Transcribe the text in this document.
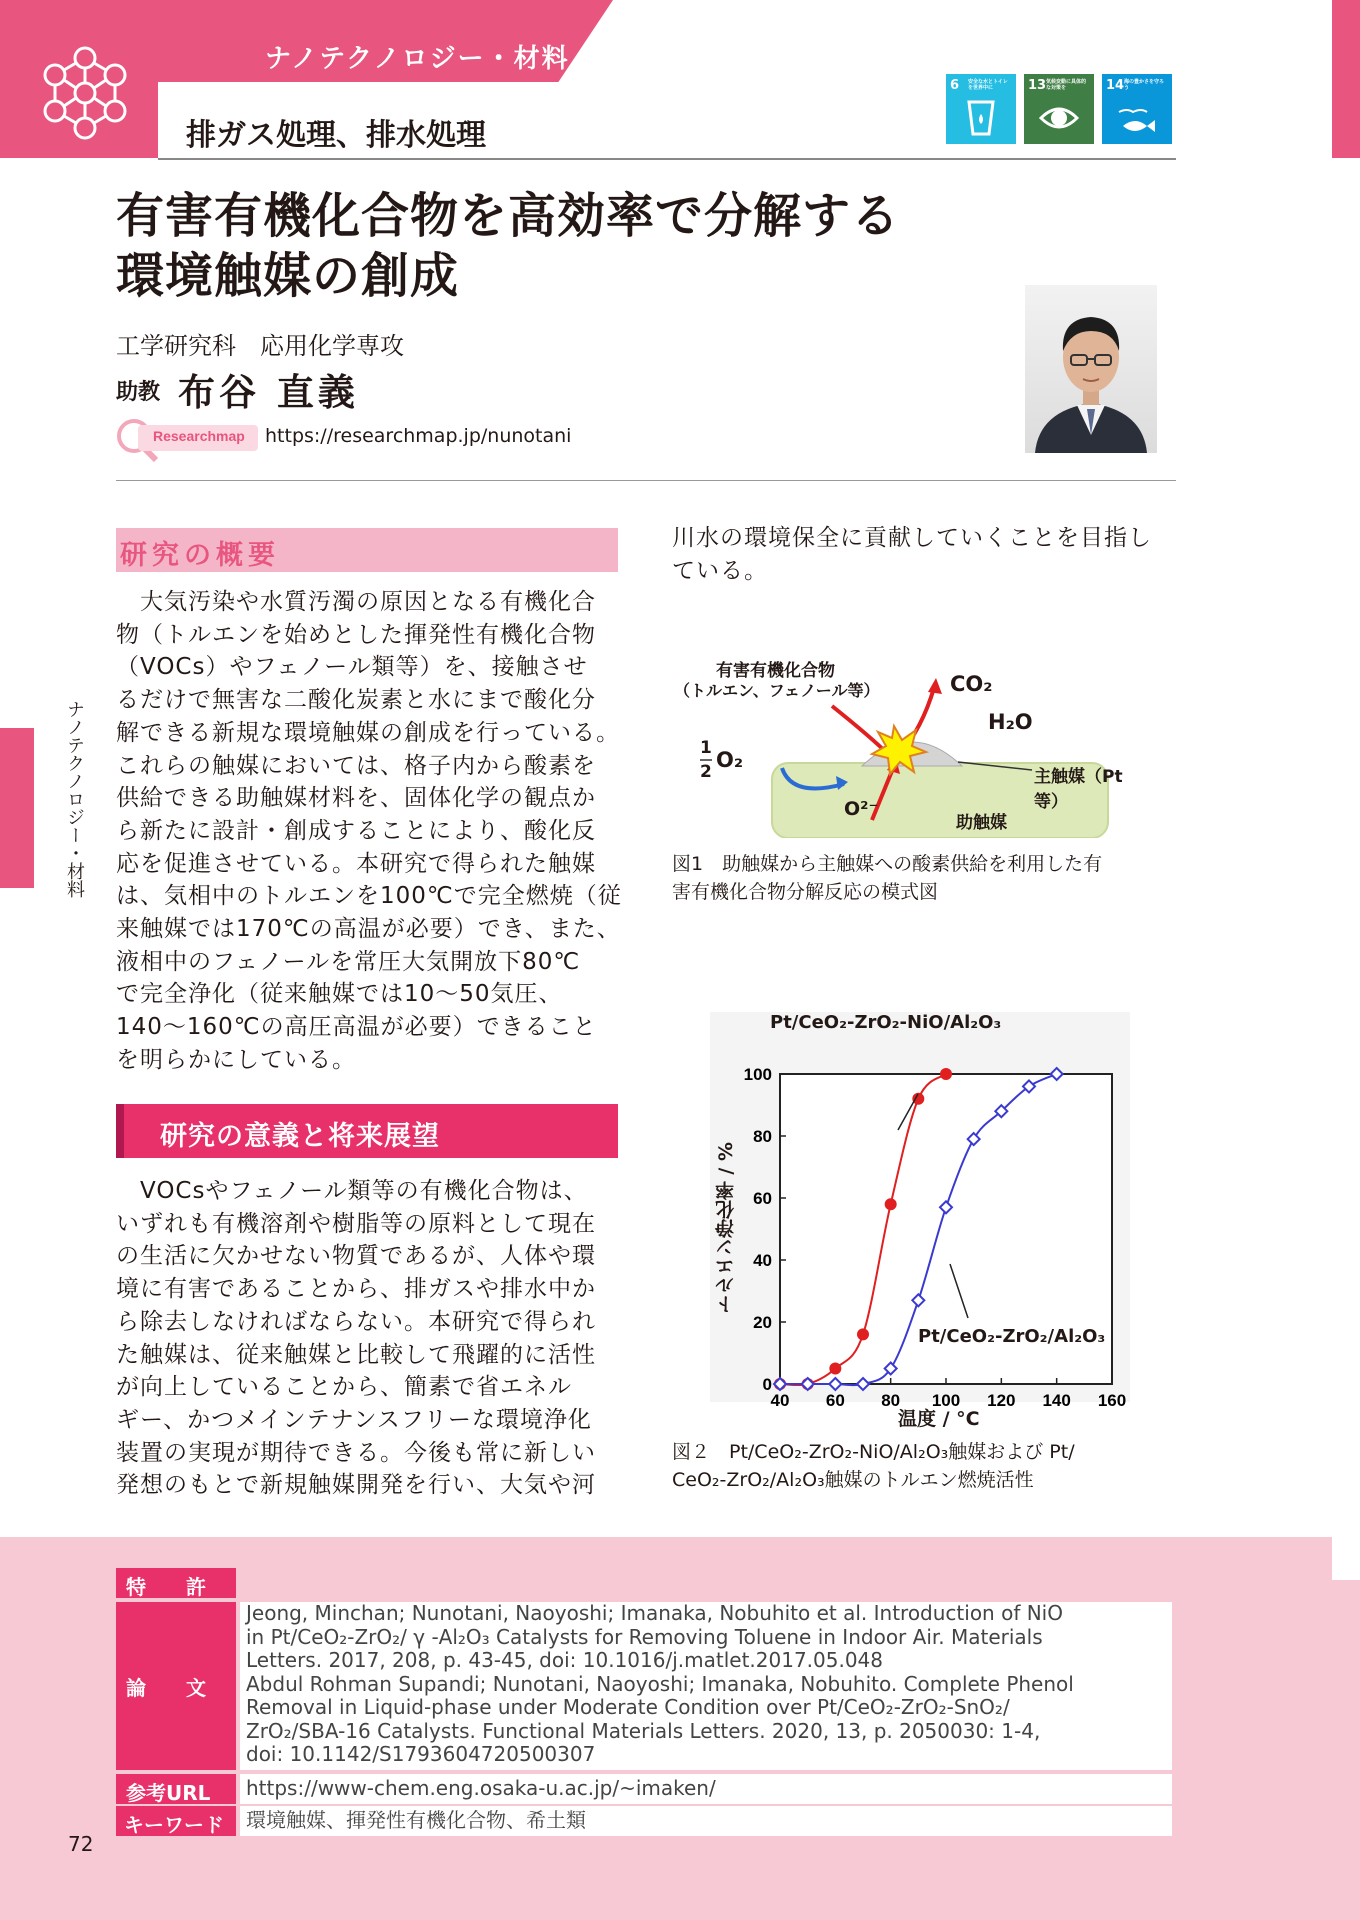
ナノテクノロジー・材料
排ガス処理、排水処理
6 安全な水とトイレを世界中に	13 気候変動に具体的な対策を	14 海の豊かさを守ろう
有害有機化合物を高効率で分解する
環境触媒の創成
工学研究科　応用化学専攻
助教 布谷 直義
Researchmap https://researchmap.jp/nunotani
ナノテクノロジー・材料
研究の概要
　大気汚染や水質汚濁の原因となる有機化合
物（トルエンを始めとした揮発性有機化合物
（VOCs）やフェノール類等）を、接触させ
るだけで無害な二酸化炭素と水にまで酸化分
解できる新規な環境触媒の創成を行っている。
これらの触媒においては、格子内から酸素を
供給できる助触媒材料を、固体化学の観点か
ら新たに設計・創成することにより、酸化反
応を促進させている。本研究で得られた触媒
は、気相中のトルエンを100℃で完全燃焼（従
来触媒では170℃の高温が必要）でき、また、
液相中のフェノールを常圧大気開放下80℃
で完全浄化（従来触媒では10～50気圧、
140～160℃の高圧高温が必要）できること
を明らかにしている。
研究の意義と将来展望
　VOCsやフェノール類等の有機化合物は、
いずれも有機溶剤や樹脂等の原料として現在
の生活に欠かせない物質であるが、人体や環
境に有害であることから、排ガスや排水中か
ら除去しなければならない。本研究で得られ
た触媒は、従来触媒と比較して飛躍的に活性
が向上していることから、簡素で省エネル
ギー、かつメインテナンスフリーな環境浄化
装置の実現が期待できる。今後も常に新しい
発想のもとで新規触媒開発を行い、大気や河
川水の環境保全に貢献していくことを目指し
ている。
有害有機化合物
（トルエン、フェノール等）	CO₂
H₂O
1
2 O₂
O²⁻
主触媒（Pt等）
助触媒
図1　助触媒から主触媒への酸素供給を利用した有
害有機化合物分解反応の模式図
40 60 80 100 120 140 160
0
20
40
60
80
100
Pt/CeO₂-ZrO₂-NiO/Al₂O₃
Pt/CeO₂-ZrO₂/Al₂O₃
温度 / °C
トルエン浄化率 / %
図２　Pt/CeO₂-ZrO₂-NiO/Al₂O₃触媒および Pt/
CeO₂-ZrO₂/Al₂O₃触媒のトルエン燃焼活性
特　　許
論　　文
Jeong, Minchan; Nunotani, Naoyoshi; Imanaka, Nobuhito et al. Introduction of NiO
in Pt/CeO₂-ZrO₂/ γ -Al₂O₃ Catalysts for Removing Toluene in Indoor Air. Materials
Letters. 2017, 208, p. 43-45, doi: 10.1016/j.matlet.2017.05.048
Abdul Rohman Supandi; Nunotani, Naoyoshi; Imanaka, Nobuhito. Complete Phenol
Removal in Liquid-phase under Moderate Condition over Pt/CeO₂-ZrO₂-SnO₂/
ZrO₂/SBA-16 Catalysts. Functional Materials Letters. 2020, 13, p. 2050030: 1-4,
doi: 10.1142/S1793604720500307
参考URL https://www-chem.eng.osaka-u.ac.jp/~imaken/
キーワード 環境触媒、揮発性有機化合物、希土類
72
